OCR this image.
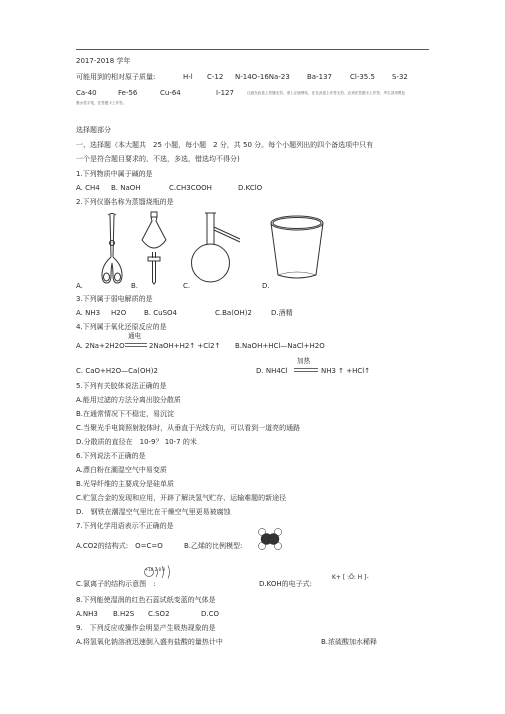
2017-2018 学年
可能用到的相对原子质量:	H-l C-12 N-14O-16Na-23 Ba-137	Cl-35.5 S-32
Ca-40	Fe-56	Cu-64	I-127	注意在此卷上答题无效，请上正版网站，在在此卷上作答无效，必须在答题卡上作答，考生须用黑色
墨水签字笔，在答题卡上作答。
选择题部分
一、选择题（本大题共　25 小题，每小题　2 分，共 50 分。每个小题列出的四个备选项中只有
一个是符合题目要求的，不选，多选，错选均不得分)
1.下列物质中属于碱的是
A. CH4 B. NaOH	C.CH3COOH	D.KClO
2.下列仪器名称为蒸馏烧瓶的是
A.	B.	C.	D.
3.下列属于弱电解质的是
A. NH3 H2O	B. CuSO4	C.Ba(OH)2	D.酒精
4.下列属于氧化还原反应的是
A. 2Na+2H2O
通电
2NaOH+H2↑ +Cl2↑ B.NaOH+HCl—NaCl+H2O
C. CaO+H2O—Ca(OH)2	D. NH4Cl
加热
NH3 ↑ +HCl↑
5.下列有关胶体说法正确的是
A.能用过滤的方法分离出胶分散质
B.在通常情况下不稳定，易沉淀
C.当聚光手电筒照射胶体时，从垂直于光线方向，可以看到一道亮的通路
D.分散质的直径在　10-9？ 10-7 的米
6.下列说法不正确的是
A.漂白粉在潮湿空气中易变质
B.光导纤维的主要成分是硅单质
C.贮氢合金的发现和应用，开辟了解决氢气贮存、运输难题的新途径
D.　钢铁在潮湿空气里比在干燥空气里更易被腐蚀
7.下列化学用语表示不正确的是
A.CO2的结构式:　O=C=O	B.乙烯的比例模型:
+18 2 8 8
C.氯离子的结构示意图　:	D.KOH的电子式:
K+ [ :Ö: H ]-
8.下列能使湿润的红色石蕊试纸变蓝的气体是
A.NH3 B.H2S C.SO2	D.CO
9.　下列反应或操作会明显产生吸热现象的是
A.将氢氧化钠溶液迅速倒入盛有盐酸的量热计中	B.浓硫酸加水稀释
